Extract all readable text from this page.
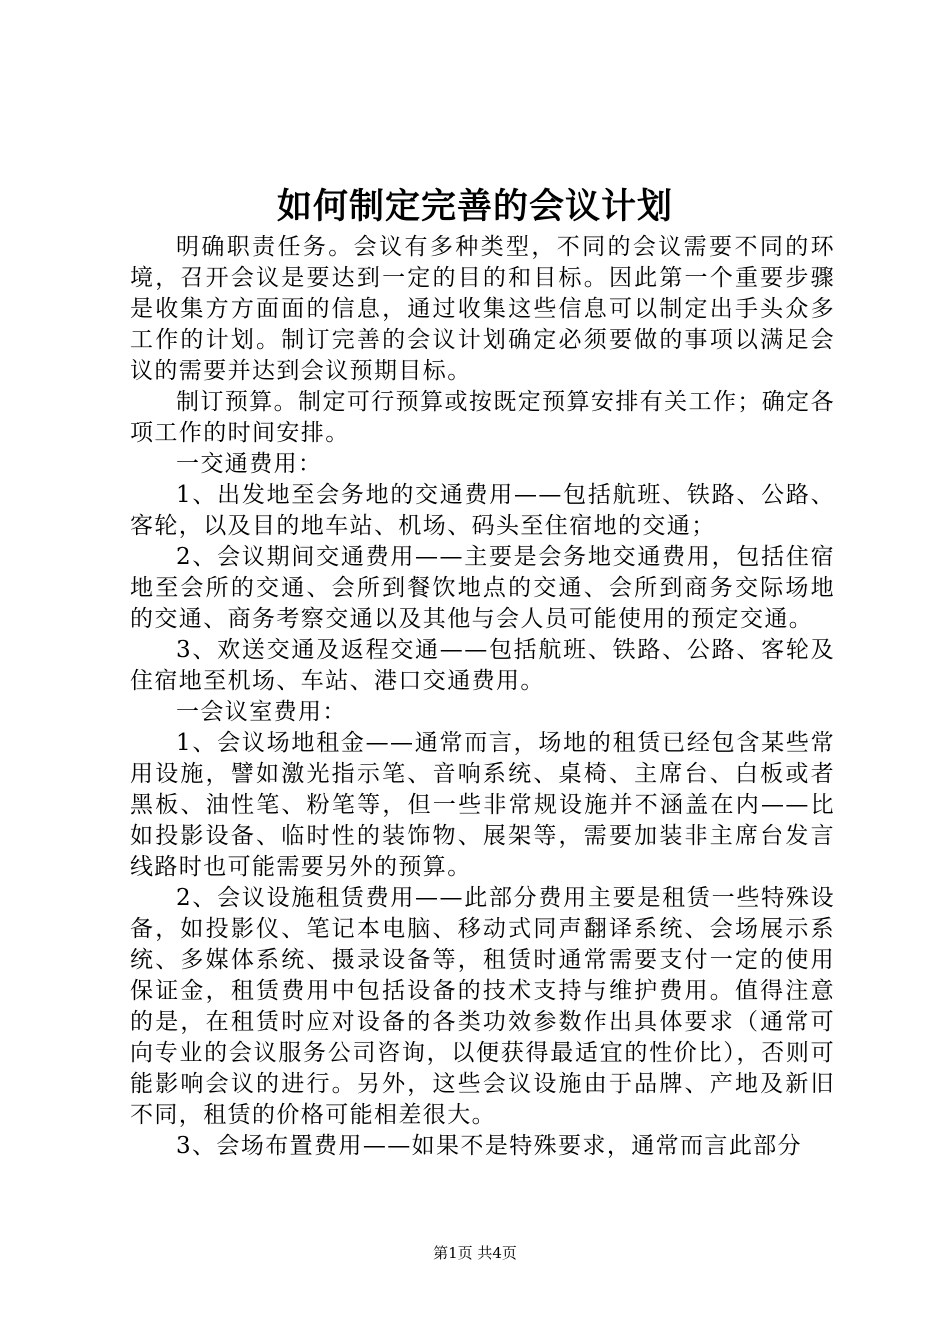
如何制定完善的会议计划

明确职责任务。会议有多种类型，不同的会议需要不同的环境，召开会议是要达到一定的目的和目标。因此第一个重要步骤是收集方方面面的信息，通过收集这些信息可以制定出手头众多工作的计划。制订完善的会议计划确定必须要做的事项以满足会议的需要并达到会议预期目标。

制订预算。制定可行预算或按既定预算安排有关工作；确定各项工作的时间安排。

一交通费用：

1、出发地至会务地的交通费用——包括航班、铁路、公路、客轮，以及目的地车站、机场、码头至住宿地的交通；

2、会议期间交通费用——主要是会务地交通费用，包括住宿地至会所的交通、会所到餐饮地点的交通、会所到商务交际场地的交通、商务考察交通以及其他与会人员可能使用的预定交通。

3、欢送交通及返程交通——包括航班、铁路、公路、客轮及住宿地至机场、车站、港口交通费用。

一会议室费用：

1、会议场地租金——通常而言，场地的租赁已经包含某些常用设施，譬如激光指示笔、音响系统、桌椅、主席台、白板或者黑板、油性笔、粉笔等，但一些非常规设施并不涵盖在内——比如投影设备、临时性的装饰物、展架等，需要加装非主席台发言线路时也可能需要另外的预算。

2、会议设施租赁费用——此部分费用主要是租赁一些特殊设备，如投影仪、笔记本电脑、移动式同声翻译系统、会场展示系统、多媒体系统、摄录设备等，租赁时通常需要支付一定的使用保证金，租赁费用中包括设备的技术支持与维护费用。值得注意的是，在租赁时应对设备的各类功效参数作出具体要求（通常可向专业的会议服务公司咨询，以便获得最适宜的性价比），否则可能影响会议的进行。另外，这些会议设施由于品牌、产地及新旧不同，租赁的价格可能相差很大。

3、会场布置费用——如果不是特殊要求，通常而言此部分

第1页 共4页
